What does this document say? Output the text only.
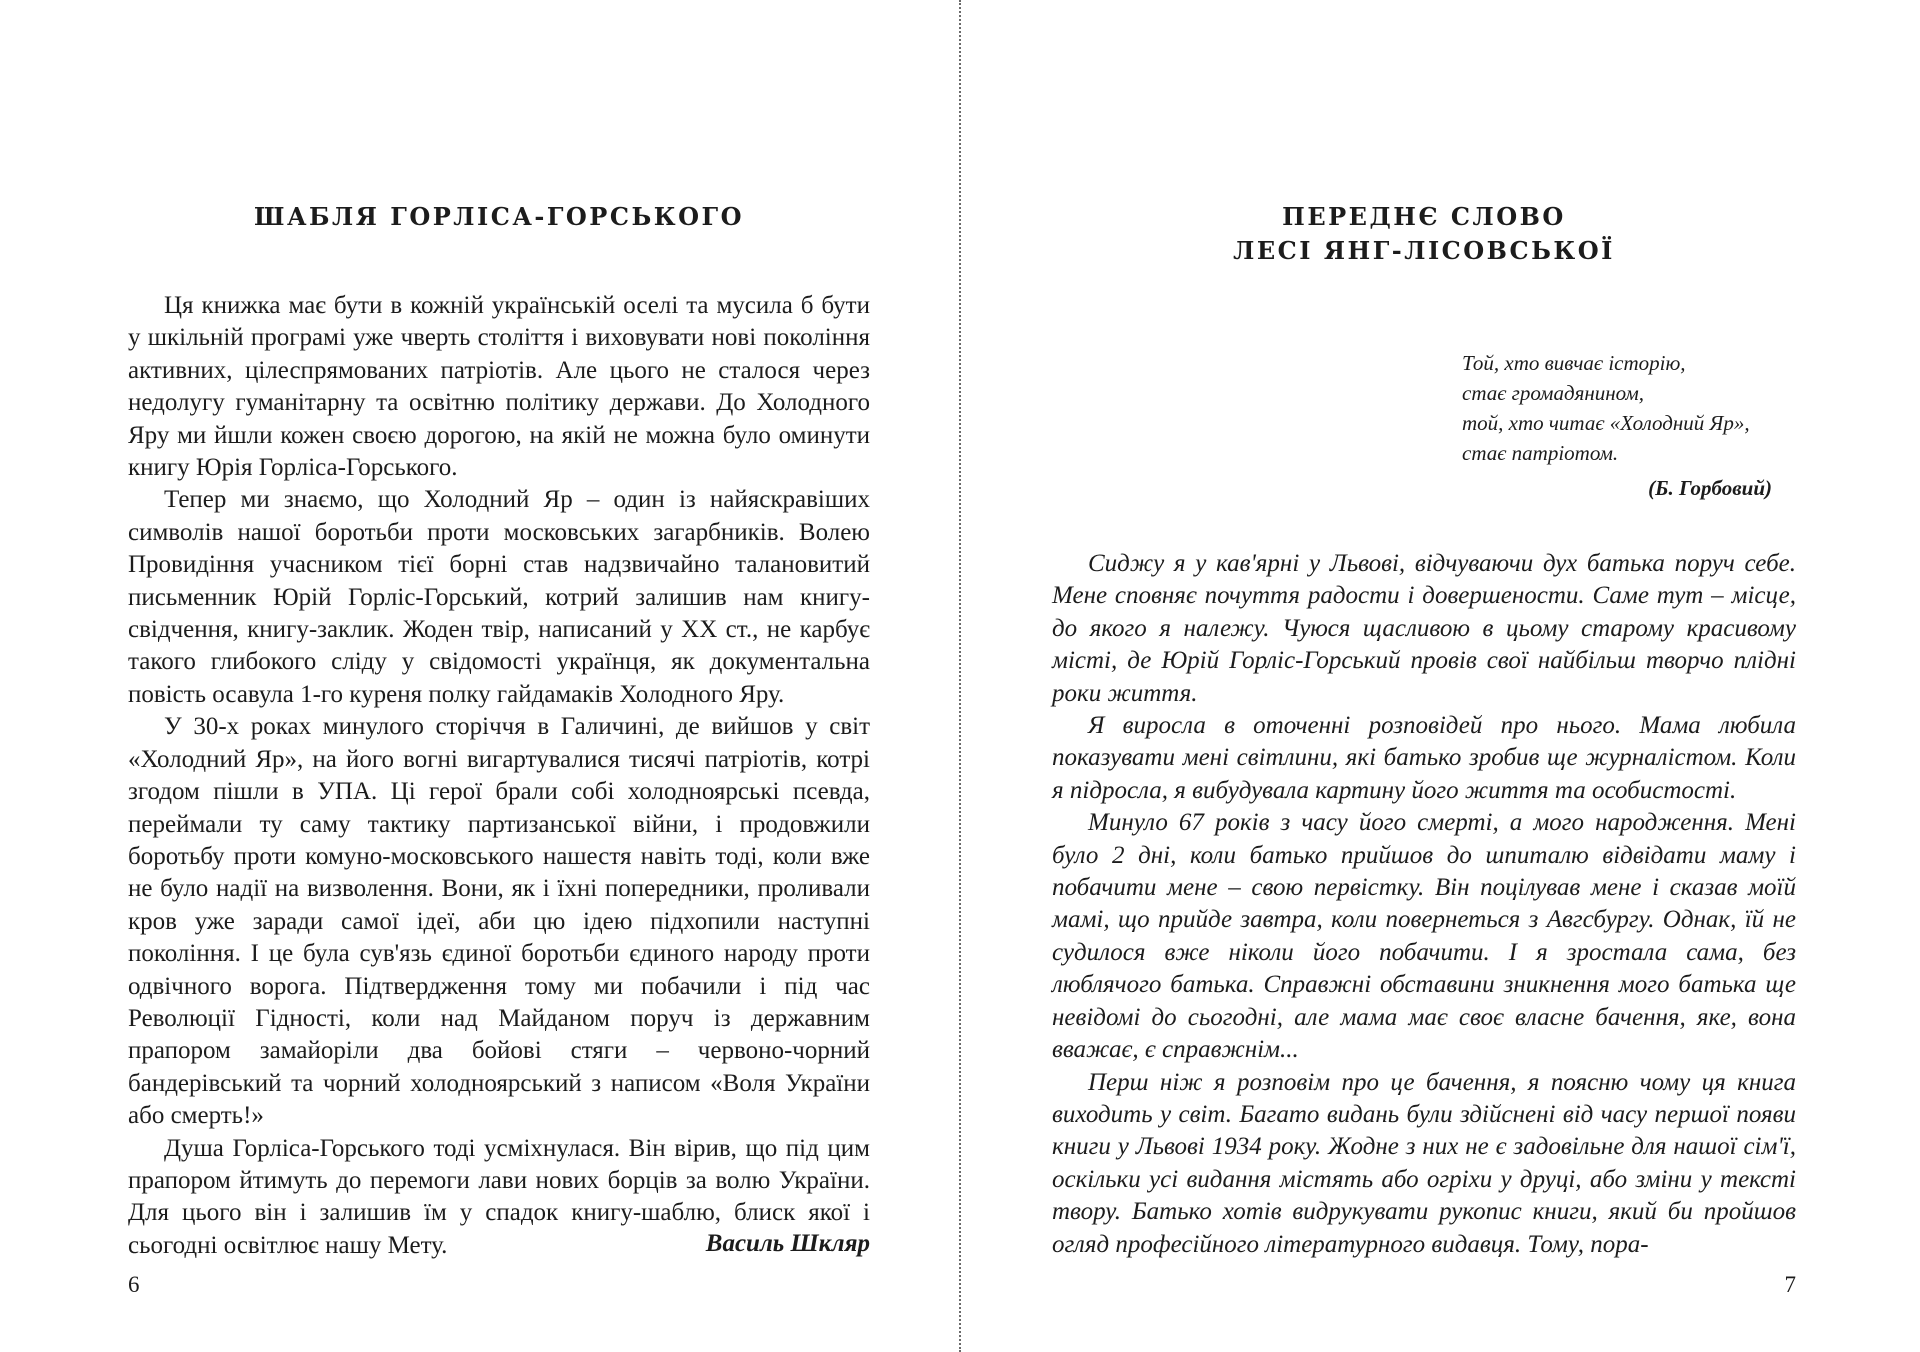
ШАБЛЯ ГОРЛІСА-ГОРСЬКОГО

Ця книжка має бути в кожній українській оселі та мусила б бути у шкільній програмі уже чверть століття і виховувати нові покоління активних, цілеспрямованих патріотів. Але цього не сталося через недолугу гуманітарну та освітню політику держави. До Холодного Яру ми йшли кожен своєю дорогою, на якій не можна було оминути книгу Юрія Горліса-Горського.

Тепер ми знаємо, що Холодний Яр – один із найяскравіших символів нашої боротьби проти московських загарбників. Волею Провидіння учасником тієї борні став надзвичайно талановитий письменник Юрій Горліс-Горський, котрий залишив нам книгу-свідчення, книгу-заклик. Жоден твір, написаний у XX ст., не карбує такого глибокого сліду у свідомості українця, як документальна повість осавула 1-го куреня полку гайдамаків Холодного Яру.

У 30-х роках минулого сторіччя в Галичині, де вийшов у світ «Холодний Яр», на його вогні вигартувалися тисячі патріотів, котрі згодом пішли в УПА. Ці герої брали собі холодноярські псевда, переймали ту саму тактику партизанської війни, і продовжили боротьбу проти комуно-московського нашестя навіть тоді, коли вже не було надії на визволення. Вони, як і їхні попередники, проливали кров уже заради самої ідеї, аби цю ідею підхопили наступні покоління. І це була сув'язь єдиної боротьби єдиного народу проти одвічного ворога. Підтвердження тому ми побачили і під час Революції Гідності, коли над Майданом поруч із державним прапором замайоріли два бойові стяги – червоно-чорний бандерівський та чорний холодноярський з написом «Воля України або смерть!»

Душа Горліса-Горського тоді усміхнулася. Він вірив, що під цим прапором йтимуть до перемоги лави нових борців за волю України. Для цього він і залишив їм у спадок книгу-шаблю, блиск якої і сьогодні освітлює нашу Мету.	Василь Шкляр
6
ПЕРЕДНЄ СЛОВО
ЛЕСІ ЯНГ-ЛІСОВСЬКОЇ
Той, хто вивчає історію,
стає громадянином,
той, хто читає «Холодний Яр»,
стає патріотом.
(Б. Горбовий)

Сиджу я у кав'ярні у Львові, відчуваючи дух батька поруч себе. Мене сповняє почуття радости і довершености. Саме тут – місце, до якого я належу. Чуюся щасливою в цьому старому красивому місті, де Юрій Горліс-Горський провів свої найбільш творчо плідні роки життя.

Я виросла в оточенні розповідей про нього. Мама любила показувати мені світлини, які батько зробив ще журналістом. Коли я підросла, я вибудувала картину його життя та особистості.

Минуло 67 років з часу його смерті, а мого народження. Мені було 2 дні, коли батько прийшов до шпиталю відвідати маму і побачити мене – свою первістку. Він поцілував мене і сказав моїй мамі, що прийде завтра, коли повернеться з Авгсбургу. Однак, їй не судилося вже ніколи його побачити. І я зростала сама, без люблячого батька. Справжні обставини зникнення мого батька ще невідомі до сьогодні, але мама має своє власне бачення, яке, вона вважає, є справжнім...

Перш ніж я розповім про це бачення, я поясню чому ця книга виходить у світ. Багато видань були здійснені від часу першої появи книги у Львові 1934 року. Жодне з них не є задовільне для нашої сім'ї, оскільки усі видання містять або огріхи у друці, або зміни у тексті твору. Батько хотів видрукувати рукопис книги, який би пройшов огляд професійного літературного видавця. Тому, пора-

7
